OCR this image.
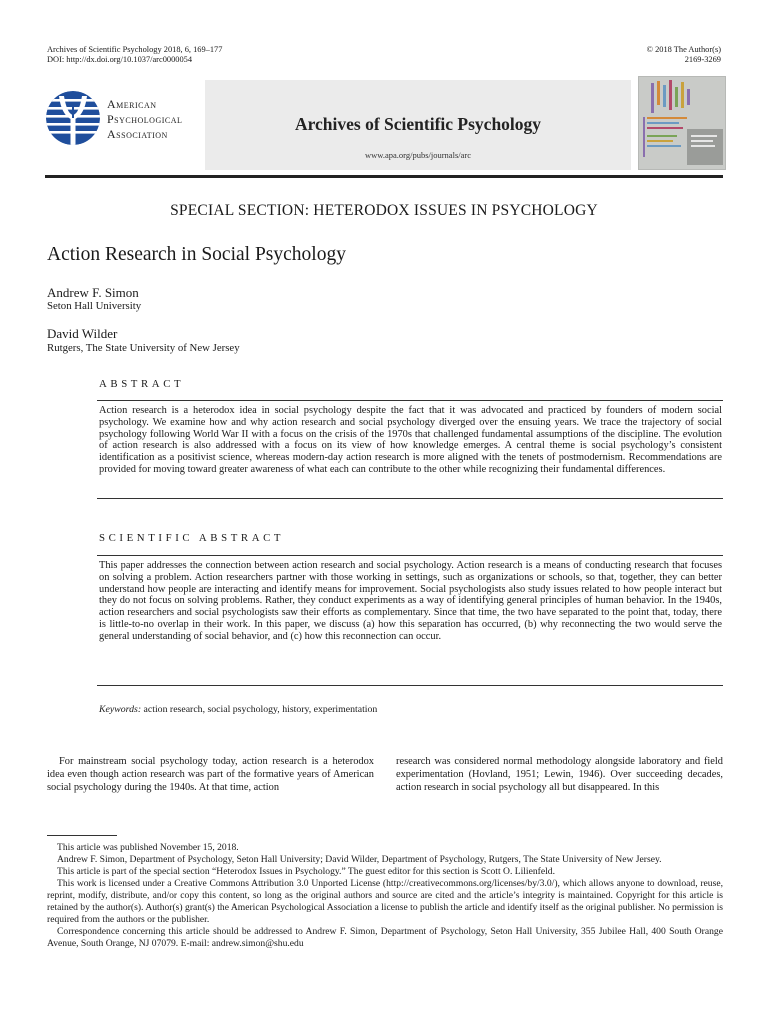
Archives of Scientific Psychology 2018, 6, 169–177
DOI: http://dx.doi.org/10.1037/arc0000054
© 2018 The Author(s)
2169-3269
American
Psychological
Association	Archives of Scientific Psychology
www.apa.org/pubs/journals/arc
SPECIAL SECTION: HETERODOX ISSUES IN PSYCHOLOGY
Action Research in Social Psychology
Andrew F. Simon
Seton Hall University
David Wilder
Rutgers, The State University of New Jersey
ABSTRACT
Action research is a heterodox idea in social psychology despite the fact that it was advocated and practiced by founders of modern social psychology. We examine how and why action research and social psychology diverged over the ensuing years. We trace the trajectory of social psychology following World War II with a focus on the crisis of the 1970s that challenged fundamental assumptions of the discipline. The evolution of action research is also addressed with a focus on its view of how knowledge emerges. A central theme is social psychology’s consistent identification as a positivist science, whereas modern-day action research is more aligned with the tenets of postmodernism. Recommendations are provided for moving toward greater awareness of what each can contribute to the other while recognizing their fundamental differences.
SCIENTIFIC ABSTRACT
This paper addresses the connection between action research and social psychology. Action research is a means of conducting research that focuses on solving a problem. Action researchers partner with those working in settings, such as organizations or schools, so that, together, they can better understand how people are interacting and identify means for improvement. Social psychologists also study issues related to how people interact but they do not focus on solving problems. Rather, they conduct experiments as a way of identifying general principles of human behavior. In the 1940s, action researchers and social psychologists saw their efforts as complementary. Since that time, the two have separated to the point that, today, there is little-to-no overlap in their work. In this paper, we discuss (a) how this separation has occurred, (b) why reconnecting the two would serve the general understanding of social behavior, and (c) how this reconnection can occur.
Keywords: action research, social psychology, history, experimentation
For mainstream social psychology today, action research is a heterodox idea even though action research was part of the formative years of American social psychology during the 1940s. At that time, action
research was considered normal methodology alongside laboratory and field experimentation (Hovland, 1951; Lewin, 1946). Over succeeding decades, action research in social psychology all but disappeared. In this

This article was published November 15, 2018.

Andrew F. Simon, Department of Psychology, Seton Hall University; David Wilder, Department of Psychology, Rutgers, The State University of New Jersey.

This article is part of the special section “Heterodox Issues in Psychology.” The guest editor for this section is Scott O. Lilienfeld.

This work is licensed under a Creative Commons Attribution 3.0 Unported License (http://creativecommons.org/licenses/by/3.0/), which allows anyone to download, reuse, reprint, modify, distribute, and/or copy this content, so long as the original authors and source are cited and the article’s integrity is maintained. Copyright for this article is retained by the author(s). Author(s) grant(s) the American Psychological Association a license to publish the article and identify itself as the original publisher. No permission is required from the authors or the publisher.

Correspondence concerning this article should be addressed to Andrew F. Simon, Department of Psychology, Seton Hall University, 355 Jubilee Hall, 400 South Orange Avenue, South Orange, NJ 07079. E-mail: andrew.simon@shu.edu
